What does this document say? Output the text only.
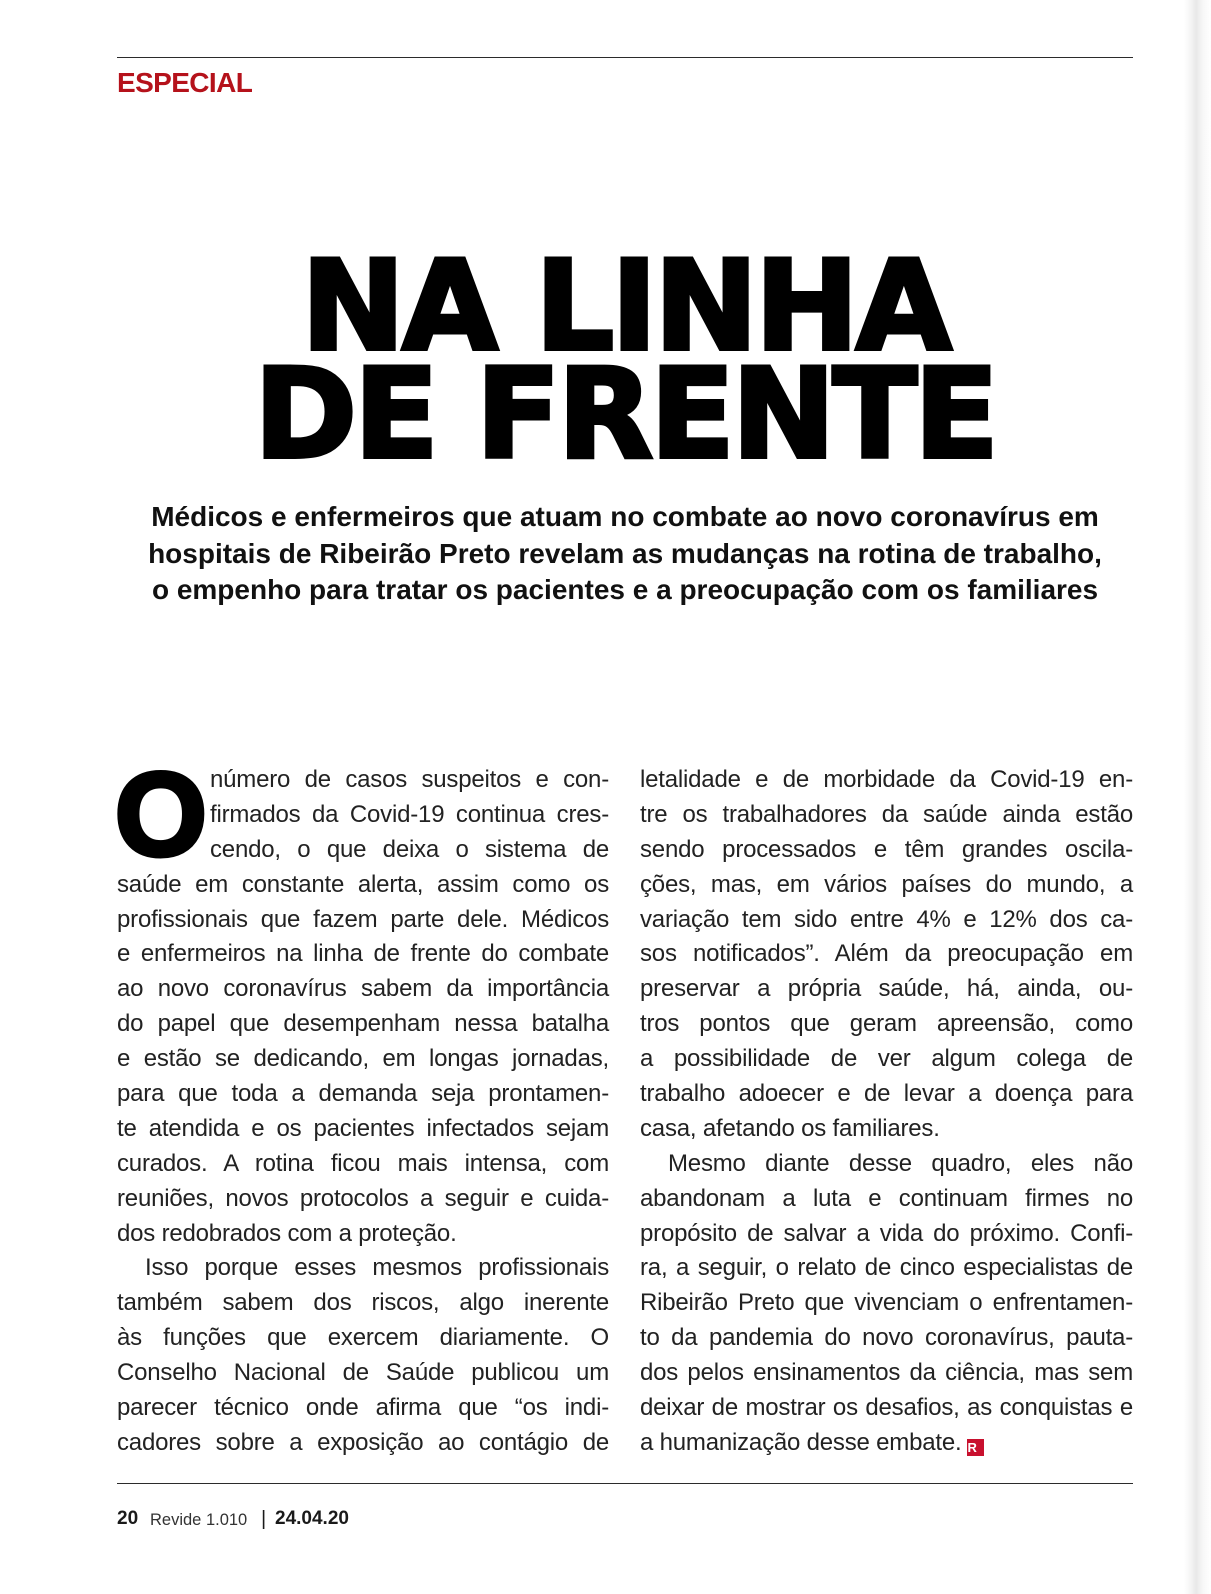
ESPECIAL
NA LINHA
DE FRENTE
Médicos e enfermeiros que atuam no combate ao novo coronavírus em
hospitais de Ribeirão Preto revelam as mudanças na rotina de trabalho,
o empenho para tratar os pacientes e a preocupação com os familiares
O número de casos suspeitos e con-
firmados da Covid-19 continua cres-
cendo, o que deixa o sistema de
saúde em constante alerta, assim como os
profissionais que fazem parte dele. Médicos
e enfermeiros na linha de frente do combate
ao novo coronavírus sabem da importância
do papel que desempenham nessa batalha
e estão se dedicando, em longas jornadas,
para que toda a demanda seja prontamen-
te atendida e os pacientes infectados sejam
curados. A rotina ficou mais intensa, com
reuniões, novos protocolos a seguir e cuida-
dos redobrados com a proteção.
Isso porque esses mesmos profissionais
também sabem dos riscos, algo inerente
às funções que exercem diariamente. O
Conselho Nacional de Saúde publicou um
parecer técnico onde afirma que “os indi-
cadores sobre a exposição ao contágio de
letalidade e de morbidade da Covid-19 en-
tre os trabalhadores da saúde ainda estão
sendo processados e têm grandes oscila-
ções, mas, em vários países do mundo, a
variação tem sido entre 4% e 12% dos ca-
sos notificados”. Além da preocupação em
preservar a própria saúde, há, ainda, ou-
tros pontos que geram apreensão, como
a possibilidade de ver algum colega de
trabalho adoecer e de levar a doença para
casa, afetando os familiares.
Mesmo diante desse quadro, eles não
abandonam a luta e continuam firmes no
propósito de salvar a vida do próximo. Confi-
ra, a seguir, o relato de cinco especialistas de
Ribeirão Preto que vivenciam o enfrentamen-
to da pandemia do novo coronavírus, pauta-
dos pelos ensinamentos da ciência, mas sem
deixar de mostrar os desafios, as conquistas e
a humanização desse embate. R
20 Revide 1.010 | 24.04.20
